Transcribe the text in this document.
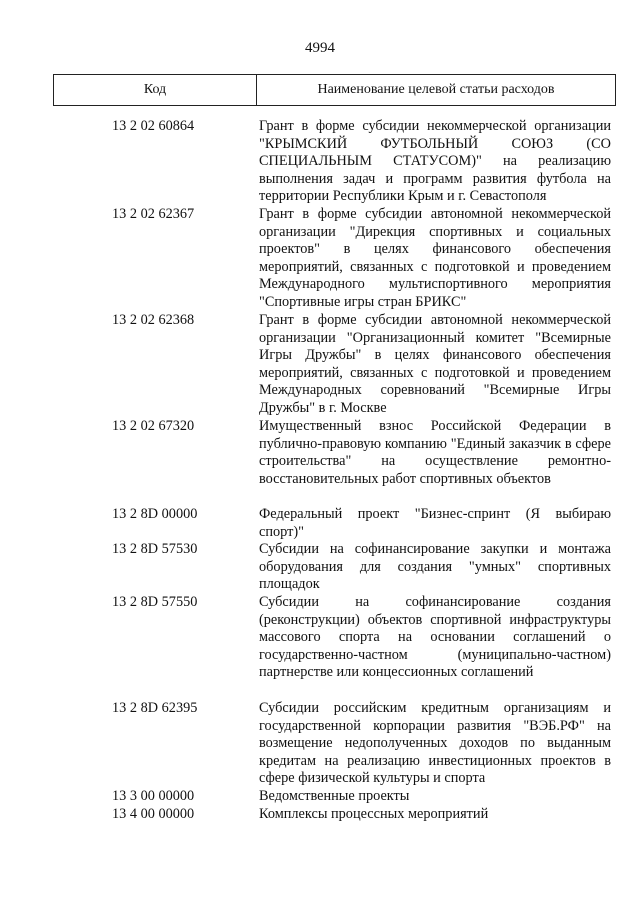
4994
Код	Наименование целевой статьи расходов
13 2 02 60864	Грант в форме субсидии некоммерческой организации "КРЫМСКИЙ ФУТБОЛЬНЫЙ СОЮЗ (СО СПЕЦИАЛЬНЫМ СТАТУСОМ)" на реализацию выполнения задач и программ развития футбола на территории Республики Крым и г. Севастополя
13 2 02 62367	Грант в форме субсидии автономной некоммерческой организации "Дирекция спортивных и социальных проектов" в целях финансового обеспечения мероприятий, связанных с подготовкой и проведением Международного мультиспортивного мероприятия "Спортивные игры стран БРИКС"
13 2 02 62368	Грант в форме субсидии автономной некоммерческой организации "Организационный комитет "Всемирные Игры Дружбы" в целях финансового обеспечения мероприятий, связанных с подготовкой и проведением Международных соревнований "Всемирные Игры Дружбы" в г. Москве
13 2 02 67320	Имущественный взнос Российской Федерации в публично-правовую компанию "Единый заказчик в сфере строительства" на осуществление ремонтно-восстановительных работ спортивных объектов
13 2 8D 00000	Федеральный проект "Бизнес-спринт (Я выбираю спорт)"
13 2 8D 57530	Субсидии на софинансирование закупки и монтажа оборудования для создания "умных" спортивных площадок
13 2 8D 57550	Субсидии на софинансирование создания (реконструкции) объектов спортивной инфраструктуры массового спорта на основании соглашений о государственно-частном (муниципально-частном) партнерстве или концессионных соглашений
13 2 8D 62395	Субсидии российским кредитным организациям и государственной корпорации развития "ВЭБ.РФ" на возмещение недополученных доходов по выданным кредитам на реализацию инвестиционных проектов в сфере физической культуры и спорта
13 3 00 00000	Ведомственные проекты
13 4 00 00000	Комплексы процессных мероприятий
